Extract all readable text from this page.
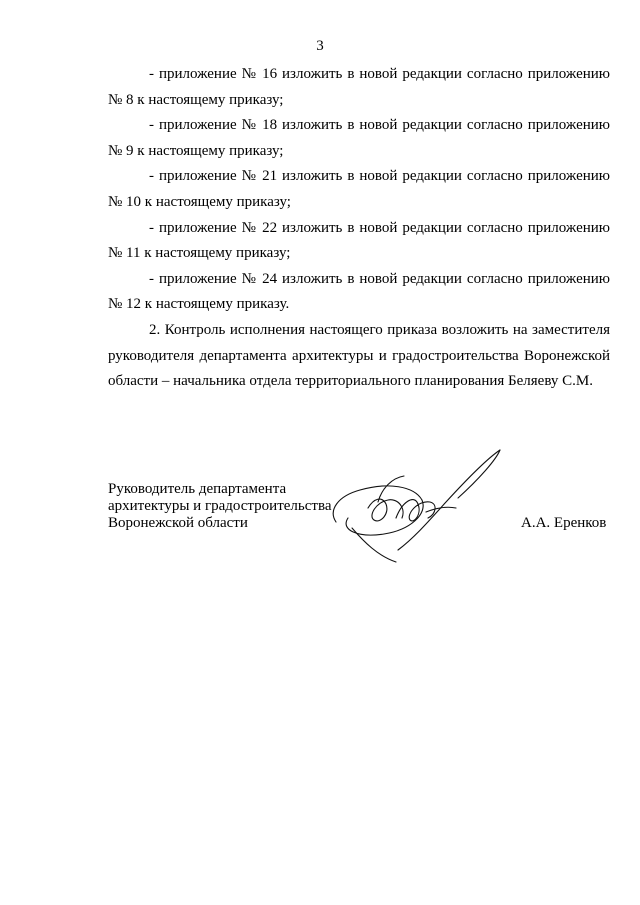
3

- приложение № 16 изложить в новой редакции согласно приложению № 8 к настоящему приказу;

- приложение № 18 изложить в новой редакции согласно приложению № 9 к настоящему приказу;

- приложение № 21 изложить в новой редакции согласно приложению № 10 к настоящему приказу;

- приложение № 22 изложить в новой редакции согласно приложению № 11 к настоящему приказу;

- приложение № 24 изложить в новой редакции согласно приложению № 12 к настоящему приказу.

2. Контроль исполнения настоящего приказа возложить на заместителя руководителя департамента архитектуры и градостроительства Воронежской области – начальника отдела территориального планирования Беляеву С.М.

Руководитель департамента
архитектуры и градостроительства
Воронежской области	А.А. Еренков
